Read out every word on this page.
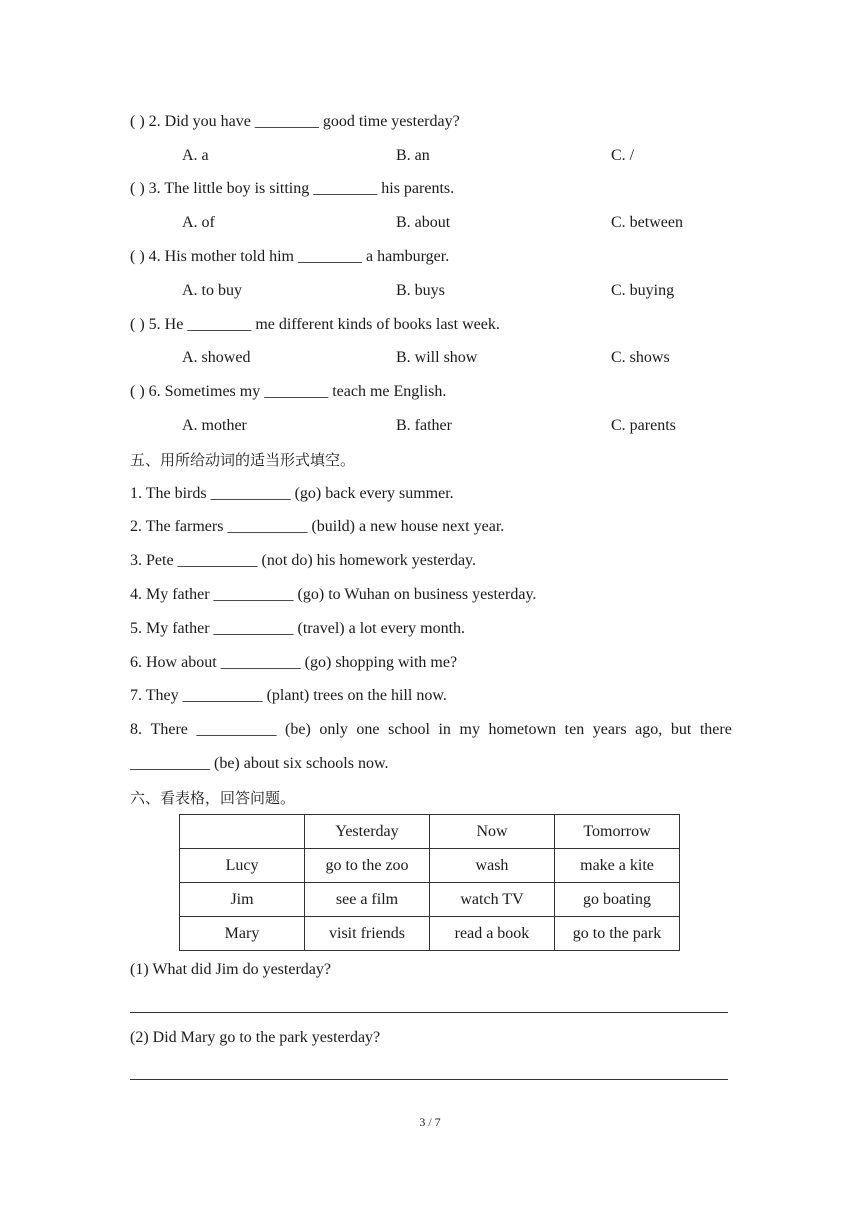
( ) 2. Did you have ________ good time yesterday?
A. a	B. an	C. /
( ) 3. The little boy is sitting ________ his parents.
A. of	B. about	C. between
( ) 4. His mother told him ________ a hamburger.
A. to buy	B. buys	C. buying
( ) 5. He ________ me different kinds of books last week.
A. showed	B. will show	C. shows
( ) 6. Sometimes my ________ teach me English.
A. mother	B. father	C. parents
五、用所给动词的适当形式填空。
1. The birds __________ (go) back every summer.
2. The farmers __________ (build) a new house next year.
3. Pete __________ (not do) his homework yesterday.
4. My father __________ (go) to Wuhan on business yesterday.
5. My father __________ (travel) a lot every month.
6. How about __________ (go) shopping with me?
7. They __________ (plant) trees on the hill now.
8. There __________ (be) only one school in my hometown ten years ago, but there
__________ (be) about six schools now.
六、看表格，回答问题。
	Yesterday	Now	Tomorrow
Lucy	go to the zoo	wash	make a kite
Jim	see a film	watch TV	go boating
Mary	visit friends	read a book	go to the park
(1) What did Jim do yesterday?
(2) Did Mary go to the park yesterday?
3 / 7
